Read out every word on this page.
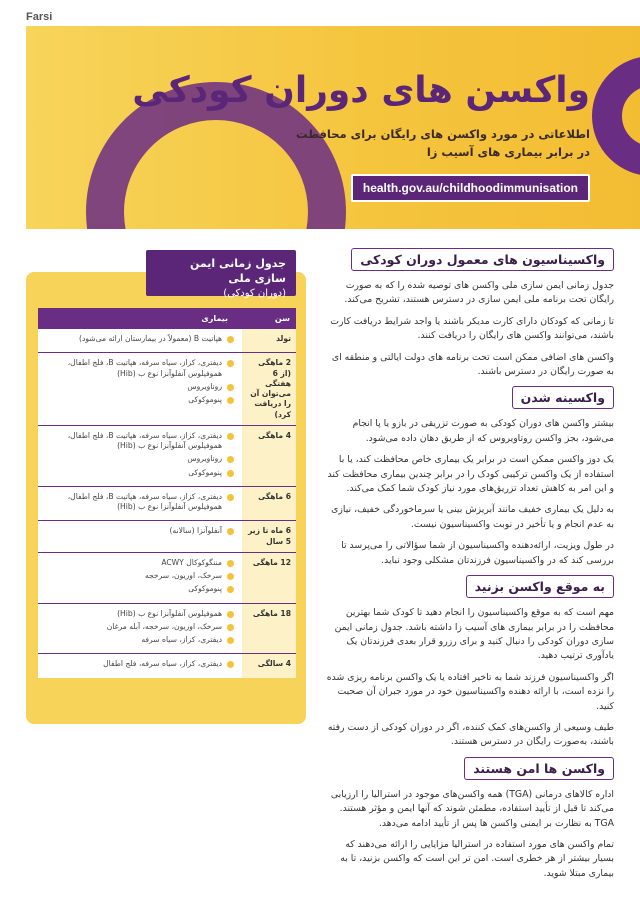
Farsi
واکسن های دوران کودکی
اطلاعاتی در مورد واکسن های رایگان برای محافظت در برابر بیماری های آسیب زا
health.gov.au/childhoodimmunisation
جدول زمانی ایمن سازی ملی
(دوران کودکی)
سن
بیماری
تولد
هپاتیت B (معمولاً در بیمارستان ارائه می‌شود)
2 ماهگی (از 6 هفتگی می‌توان آن را دریافت کرد)
دیفتری، کزاز، سیاه سرفه، هپاتیت B، فلج اطفال، هموفیلوس آنفلوآنزا نوع ب (Hib)
روتاویروس
پنوموکوکی
4 ماهگی
دیفتری، کزاز، سیاه سرفه، هپاتیت B، فلج اطفال، هموفیلوس آنفلوآنزا نوع ب (Hib)
روتاویروس
پنوموکوکی
6 ماهگی
دیفتری، کزاز، سیاه سرفه، هپاتیت B، فلج اطفال، هموفیلوس آنفلوآنزا نوع ب (Hib)
6 ماه تا زیر 5 سال
آنفلوآنزا (سالانه)
12 ماهگی
مننگوکوکال ACWY
سرخک، اوریون، سرخجه
پنوموکوکی
18 ماهگی
هموفیلوس آنفلوآنزا نوع ب (Hib)
سرخک، اوریون، سرخجه، آبله مرغان
دیفتری، کزاز، سیاه سرفه
4 سالگی
دیفتری، کزاز، سیاه سرفه، فلج اطفال
واکسیناسیون های معمول دوران کودکی
جدول زمانی ایمن سازی ملی واکسن های توصیه شده را که به صورت رایگان تحت برنامه ملی ایمن سازی در دسترس هستند، تشریح می‌کند.
تا زمانی که کودکان دارای کارت مدیکر باشند یا واجد شرایط دریافت کارت باشند، می‌توانند واکسن های رایگان را دریافت کنند.
واکسن های اضافی ممکن است تحت برنامه های دولت ایالتی و منطقه ای به صورت رایگان در دسترس باشند.
واکسینه شدن
بیشتر واکسن های دوران کودکی به صورت تزریقی در بازو یا پا انجام می‌شود، بجز واکسن روتاویروس که از طریق دهان داده می‌شود.
یک دوز واکسن ممکن است در برابر یک بیماری خاص محافظت کند، یا با استفاده از یک واکسن ترکیبی کودک را در برابر چندین بیماری محافظت کند و این امر به کاهش تعداد تزریق‌های مورد نیاز کودک شما کمک می‌کند.
به دلیل یک بیماری خفیف مانند آبریزش بینی یا سرماخوردگی خفیف، نیازی به عدم انجام و یا تأخیر در نوبت واکسیناسیون نیست.
در طول ویزیت، ارائه‌دهنده واکسیناسیون از شما سؤالاتی را می‌پرسد تا بررسی کند که در واکسیناسیون فرزندتان مشکلی وجود نباید.
به موقع واکسن بزنید
مهم است که به موقع واکسیناسیون را انجام دهید تا کودک شما بهترین محافظت را در برابر بیماری های آسیب زا داشته باشد. جدول زمانی ایمن سازی دوران کودکی را دنبال کنید و برای رزرو قرار بعدی فرزندتان یک یادآوری ترتیب دهید.
اگر واکسیناسیون فرزند شما به تاخیر افتاده یا یک واکسن برنامه ریزی شده را نزده است، با ارائه دهنده واکسیناسیون خود در مورد جبران آن صحبت کنید.
طیف وسیعی از واکسن‌های کمک کننده، اگر در دوران کودکی از دست رفته باشند، به‌صورت رایگان در دسترس هستند.
واکسن ها امن هستند
اداره کالاهای درمانی (TGA) همه واکسن‌های موجود در استرالیا را ارزیابی می‌کند تا قبل از تأیید استفاده، مطمئن شوند که آنها ایمن و مؤثر هستند. TGA به نظارت بر ایمنی واکسن ها پس از تأیید ادامه می‌دهد.
تمام واکسن های مورد استفاده در استرالیا مزایایی را ارائه می‌دهند که بسیار بیشتر از هر خطری است. امن تر این است که واکسن بزنید، تا به بیماری مبتلا شوید.
